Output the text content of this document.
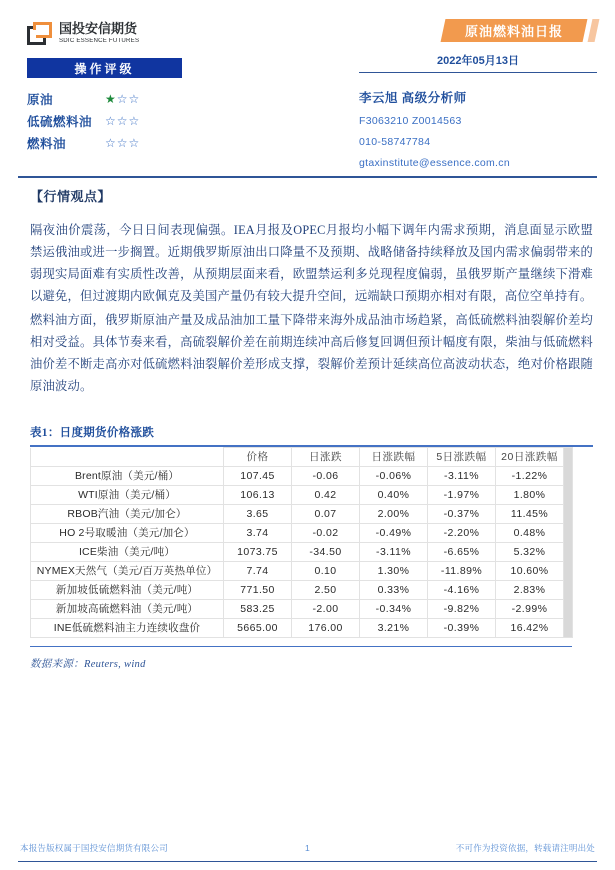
国投安信期货
SDIC ESSENCE FUTURES
操作评级
原油	★☆☆
低硫燃料油	☆☆☆
燃料油	☆☆☆
原油燃料油日报
2022年05月13日
李云旭 高级分析师
F3063210 Z0014563
010-58747784
gtaxinstitute@essence.com.cn
【行情观点】

隔夜油价震荡，今日日间表现偏强。IEA月报及OPEC月报均小幅下调年内需求预期，消息面显示欧盟禁运俄油或进一步搁置。近期俄罗斯原油出口降量不及预期、战略储备持续释放及国内需求偏弱带来的弱现实局面难有实质性改善，从预期层面来看，欧盟禁运利多兑现程度偏弱，虽俄罗斯产量继续下滑难以避免，但过渡期内欧佩克及美国产量仍有较大提升空间，远端缺口预期亦相对有限，高位空单持有。

燃料油方面，俄罗斯原油产量及成品油加工量下降带来海外成品油市场趋紧，高低硫燃料油裂解价差均相对受益。具体节奏来看，高硫裂解价差在前期连续冲高后修复回调但预计幅度有限，柴油与低硫燃料油价差不断走高亦对低硫燃料油裂解价差形成支撑，裂解价差预计延续高位高波动状态，绝对价格跟随原油波动。

表1：日度期货价格涨跌
	价格	日涨跌	日涨跌幅	5日涨跌幅	20日涨跌幅
Brent原油（美元/桶）	107.45	-0.06	-0.06%	-3.11%	-1.22%
WTI原油（美元/桶）	106.13	0.42	0.40%	-1.97%	1.80%
RBOB汽油（美元/加仑）	3.65	0.07	2.00%	-0.37%	11.45%
HO 2号取暖油（美元/加仑）	3.74	-0.02	-0.49%	-2.20%	0.48%
ICE柴油（美元/吨）	1073.75	-34.50	-3.11%	-6.65%	5.32%
NYMEX天然气（美元/百万英热单位）	7.74	0.10	1.30%	-11.89%	10.60%
新加坡低硫燃料油（美元/吨）	771.50	2.50	0.33%	-4.16%	2.83%
新加坡高硫燃料油（美元/吨）	583.25	-2.00	-0.34%	-9.82%	-2.99%
INE低硫燃料油主力连续收盘价	5665.00	176.00	3.21%	-0.39%	16.42%
数据来源：Reuters, wind
本报告版权属于国投安信期货有限公司	1	不可作为投资依据，转载请注明出处
